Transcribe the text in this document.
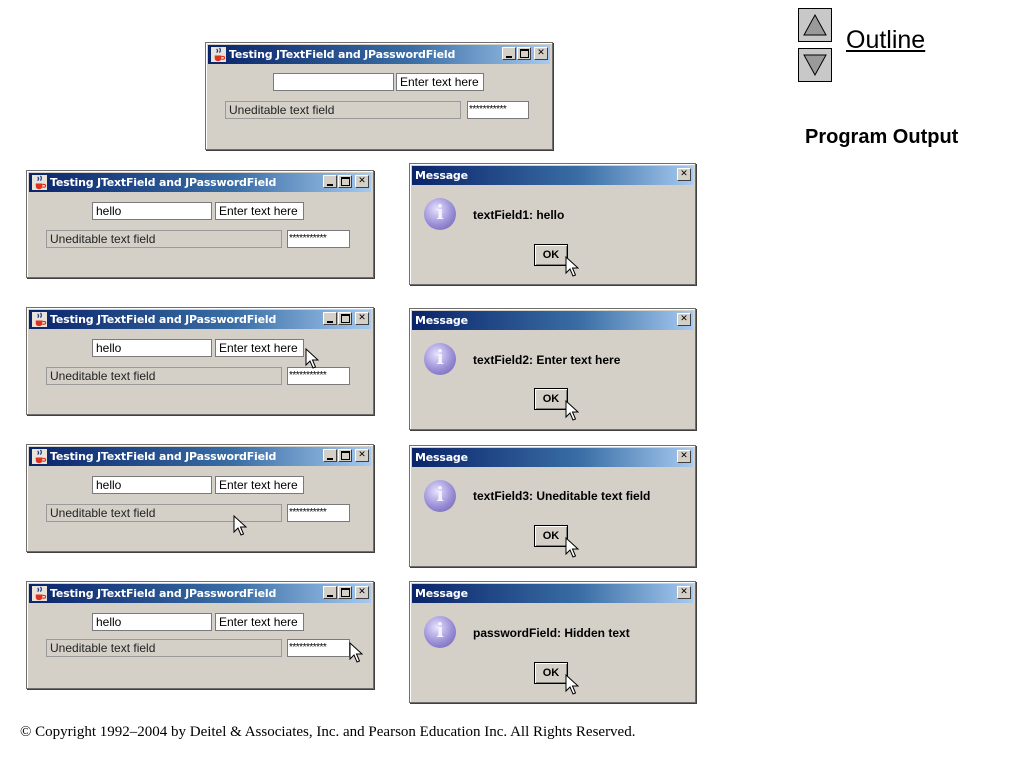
Testing JTextField and JPasswordField	✕
Enter text here
Uneditable text field	***********
Testing JTextField and JPasswordField	✕
hello	Enter text here
Uneditable text field	***********
Testing JTextField and JPasswordField	✕
hello	Enter text here
Uneditable text field	***********
Testing JTextField and JPasswordField	✕
hello	Enter text here
Uneditable text field	***********
Testing JTextField and JPasswordField	✕
hello	Enter text here
Uneditable text field	***********
Message	✕
i	textField1: hello
OK
Message	✕
i	textField2: Enter text here
OK
Message	✕
i	textField3: Uneditable text field
OK
Message	✕
i	passwordField: Hidden text
OK
Outline
Program Output
© Copyright 1992–2004 by Deitel & Associates, Inc. and Pearson Education Inc. All Rights Reserved.
